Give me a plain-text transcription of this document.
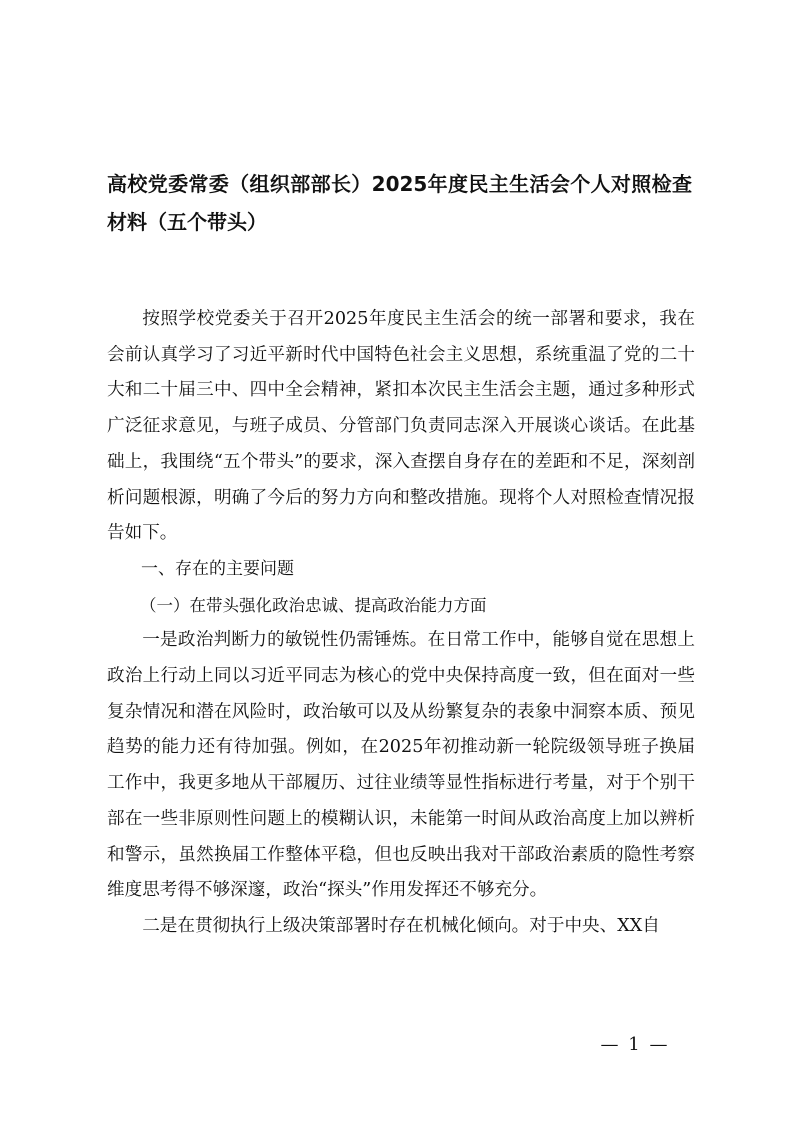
高校党委常委（组织部部长）2025年度民主生活会个人对照检查材料（五个带头）

按照学校党委关于召开2025年度民主生活会的统一部署和要求，我在会前认真学习了习近平新时代中国特色社会主义思想，系统重温了党的二十大和二十届三中、四中全会精神，紧扣本次民主生活会主题，通过多种形式广泛征求意见，与班子成员、分管部门负责同志深入开展谈心谈话。在此基础上，我围绕“五个带头”的要求，深入查摆自身存在的差距和不足，深刻剖析问题根源，明确了今后的努力方向和整改措施。现将个人对照检查情况报告如下。

一、存在的主要问题

（一）在带头强化政治忠诚、提高政治能力方面

一是政治判断力的敏锐性仍需锤炼。在日常工作中，能够自觉在思想上政治上行动上同以习近平同志为核心的党中央保持高度一致，但在面对一些复杂情况和潜在风险时，政治敏可以及从纷繁复杂的表象中洞察本质、预见趋势的能力还有待加强。例如，在2025年初推动新一轮院级领导班子换届工作中，我更多地从干部履历、过往业绩等显性指标进行考量，对于个别干部在一些非原则性问题上的模糊认识，未能第一时间从政治高度上加以辨析和警示，虽然换届工作整体平稳，但也反映出我对干部政治素质的隐性考察维度思考得不够深邃，政治“探头”作用发挥还不够充分。

二是在贯彻执行上级决策部署时存在机械化倾向。对于中央、XX自

— 1 —
